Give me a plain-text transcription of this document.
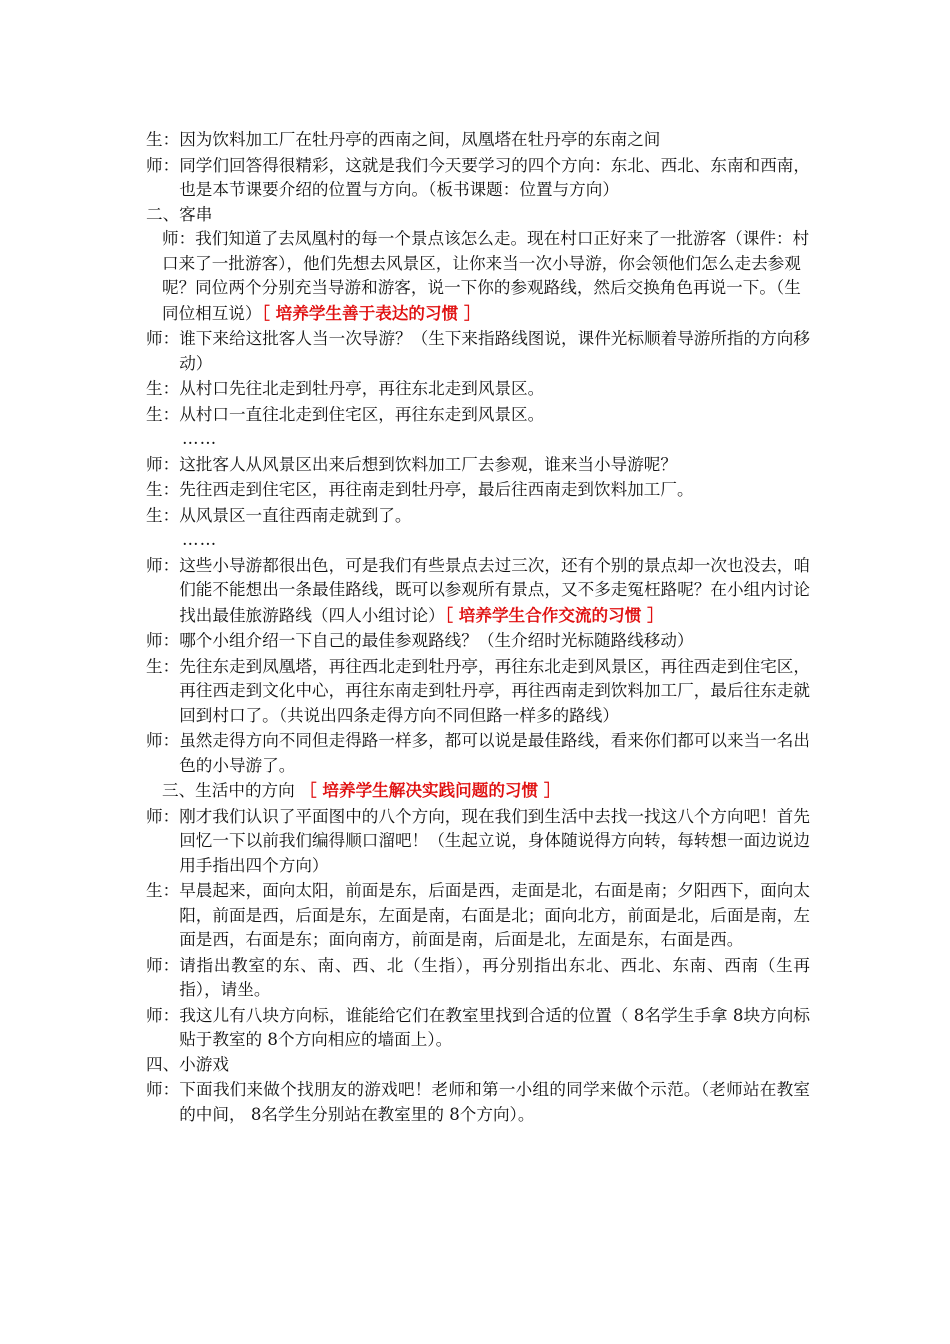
生： 因为饮料加工厂在牡丹亭的西南之间，凤凰塔在牡丹亭的东南之间
师： 同学们回答得很精彩，这就是我们今天要学习的四个方向：东北、西北、东南和西南，也是本节课要介绍的位置与方向。（板书课题：位置与方向）

二、客串

师：我们知道了去凤凰村的每一个景点该怎么走。现在村口正好来了一批游客（课件：村口来了一批游客），他们先想去风景区，让你来当一次小导游，你会领他们怎么走去参观呢？同位两个分别充当导游和游客，说一下你的参观路线，然后交换角色再说一下。（生同位相互说）［ 培养学生善于表达的习惯 ］

师： 谁下来给这批客人当一次导游？（生下来指路线图说，课件光标顺着导游所指的方向移动）
生： 从村口先往北走到牡丹亭，再往东北走到风景区。
生： 从村口一直往北走到住宅区，再往东走到风景区。

……

师： 这批客人从风景区出来后想到饮料加工厂去参观，谁来当小导游呢？
生： 先往西走到住宅区，再往南走到牡丹亭，最后往西南走到饮料加工厂。
生： 从风景区一直往西南走就到了。

……

师： 这些小导游都很出色，可是我们有些景点去过三次，还有个别的景点却一次也没去，咱们能不能想出一条最佳路线，既可以参观所有景点，又不多走冤枉路呢？在小组内讨论找出最佳旅游路线（四人小组讨论）［ 培养学生合作交流的习惯 ］
师： 哪个小组介绍一下自己的最佳参观路线？（生介绍时光标随路线移动）
生： 先往东走到凤凰塔，再往西北走到牡丹亭，再往东北走到风景区，再往西走到住宅区，再往西走到文化中心，再往东南走到牡丹亭，再往西南走到饮料加工厂，最后往东走就回到村口了。（共说出四条走得方向不同但路一样多的路线）
师： 虽然走得方向不同但走得路一样多，都可以说是最佳路线，看来你们都可以来当一名出色的小导游了。

三、生活中的方向 ［ 培养学生解决实践问题的习惯 ］

师： 刚才我们认识了平面图中的八个方向，现在我们到生活中去找一找这八个方向吧！首先回忆一下以前我们编得顺口溜吧！（生起立说，身体随说得方向转，每转想一面边说边用手指出四个方向）
生： 早晨起来，面向太阳，前面是东，后面是西，走面是北，右面是南；夕阳西下，面向太阳，前面是西，后面是东，左面是南，右面是北；面向北方，前面是北，后面是南，左面是西，右面是东；面向南方，前面是南，后面是北，左面是东，右面是西。
师： 请指出教室的东、南、西、北（生指），再分别指出东北、西北、东南、西南（生再指），请坐。
师： 我这儿有八块方向标，谁能给它们在教室里找到合适的位置（ 8名学生手拿 8块方向标贴于教室的 8个方向相应的墙面上）。

四、小游戏

师： 下面我们来做个找朋友的游戏吧！老师和第一小组的同学来做个示范。（老师站在教室的中间， 8名学生分别站在教室里的 8个方向）。
